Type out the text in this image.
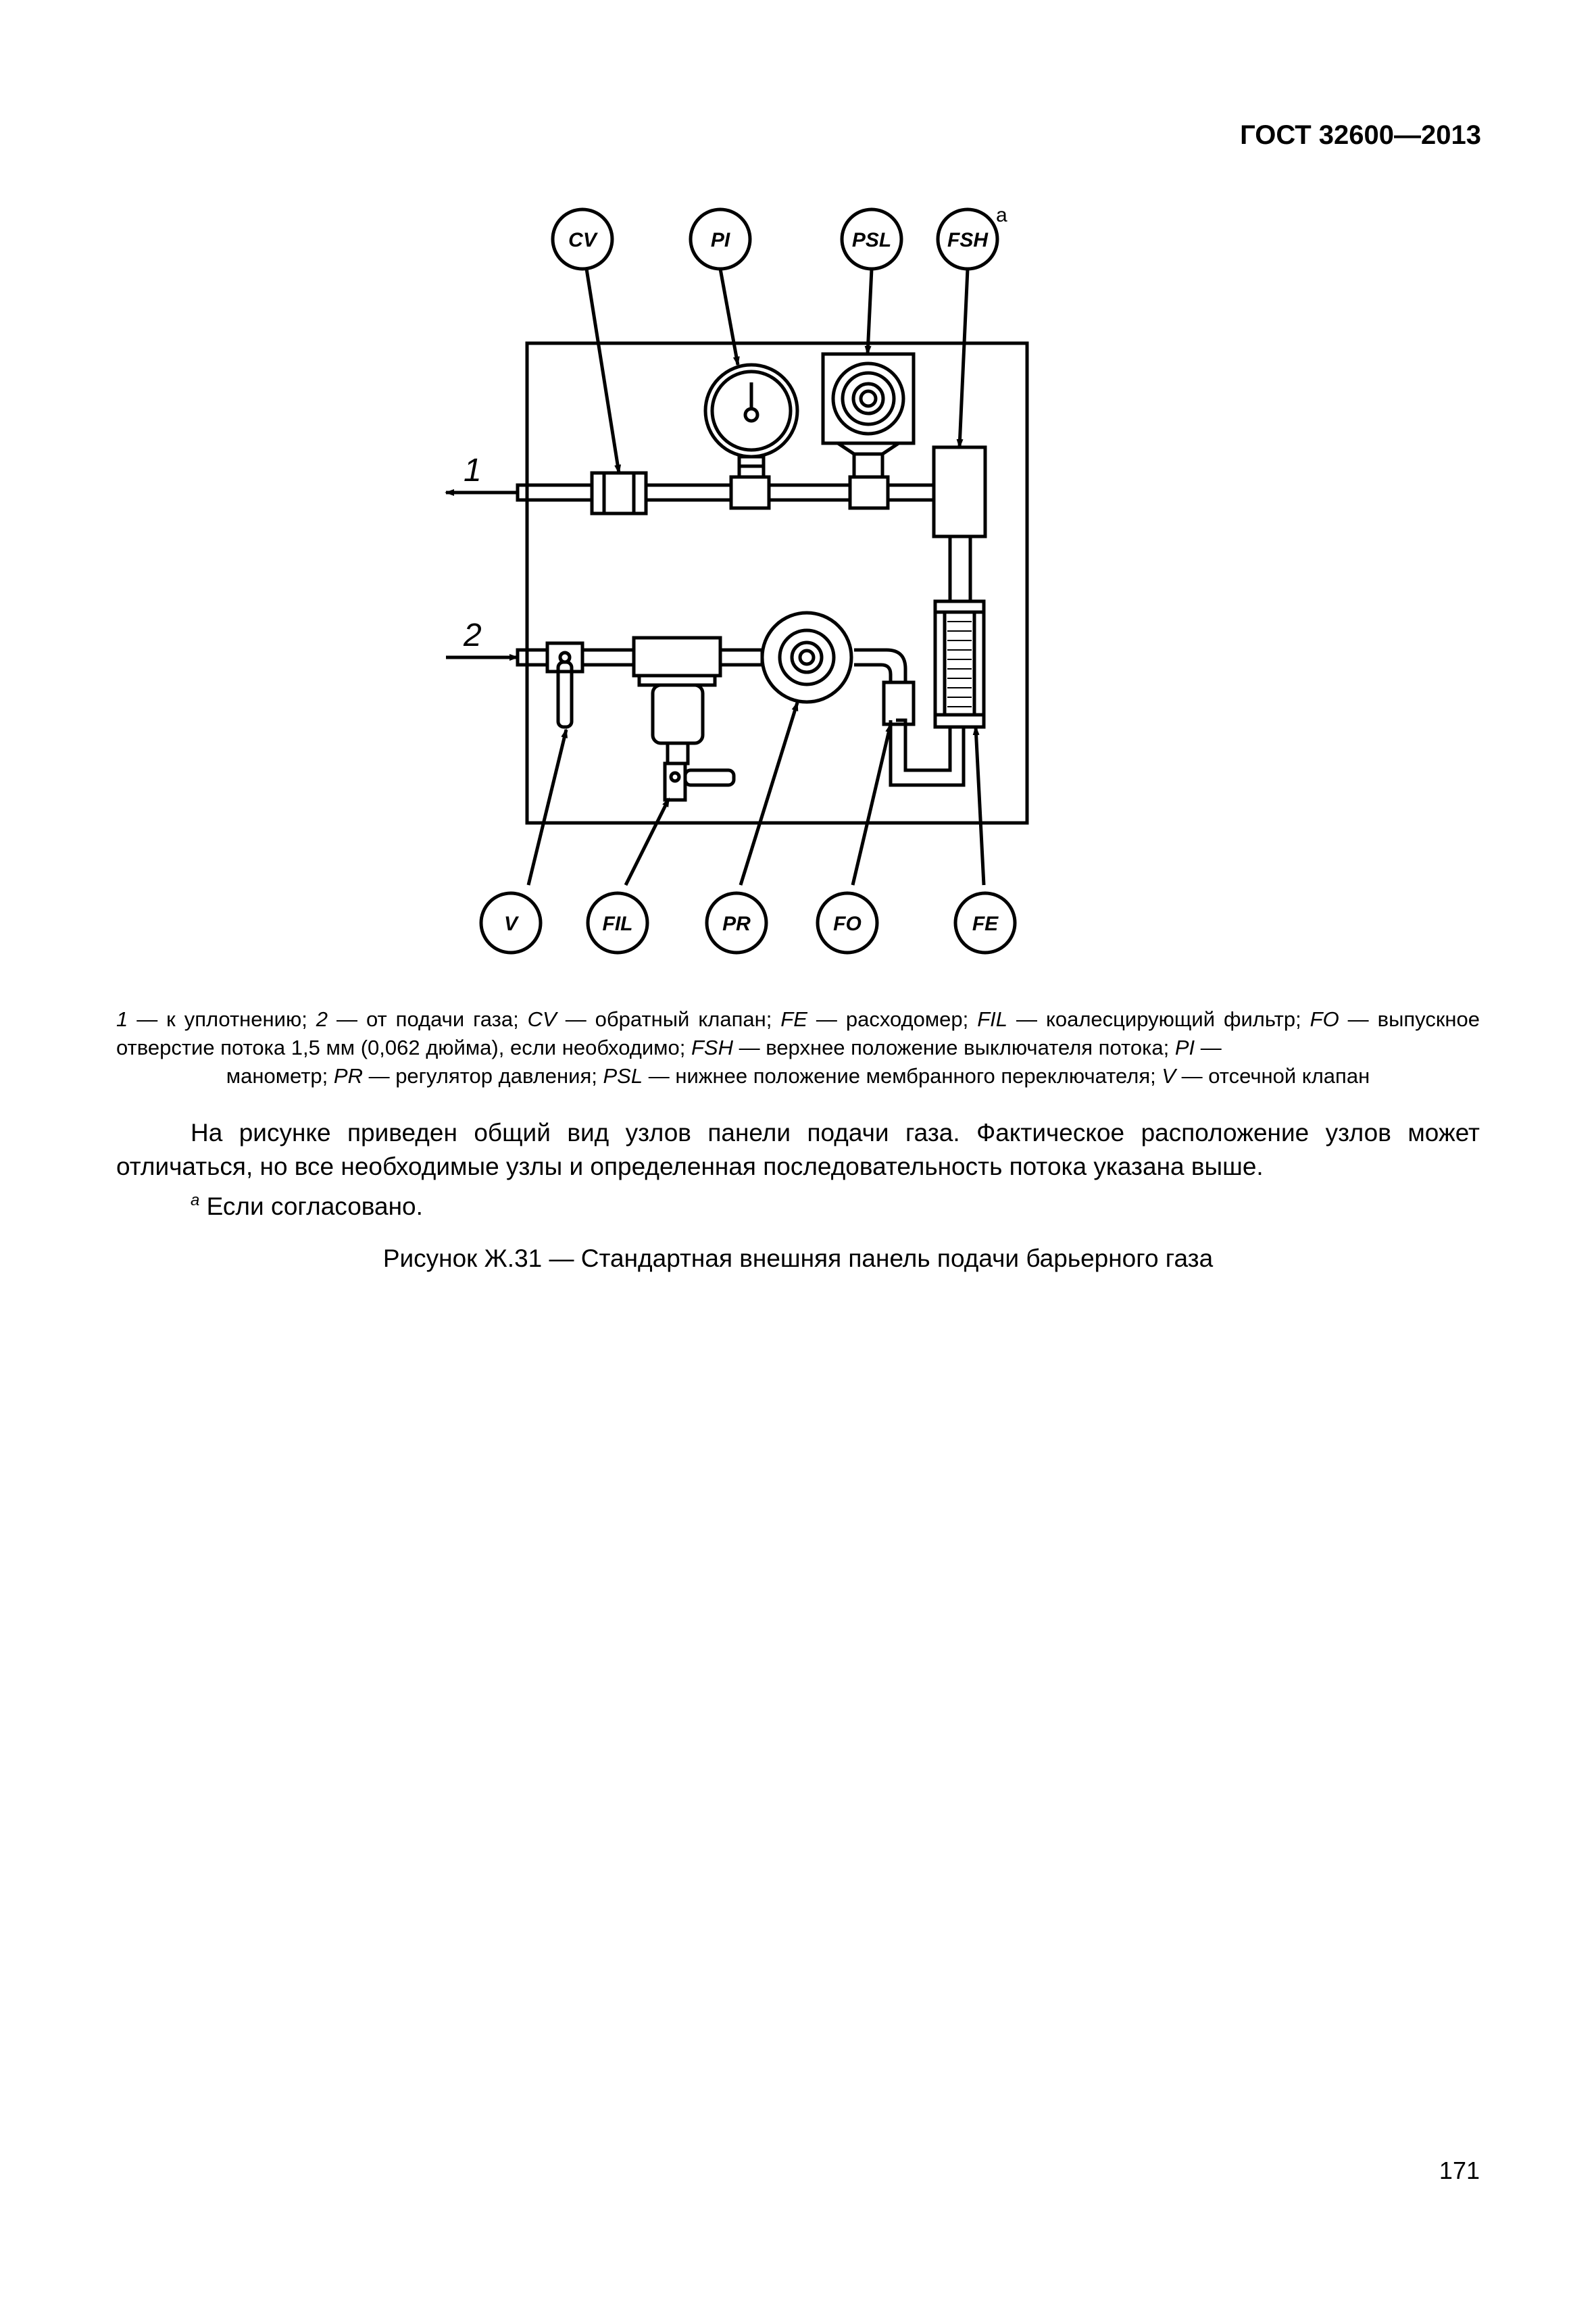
ГОСТ 32600—2013
CV	PI	PSL	FSH
V	FIL	PR	FO	FE
a
1
2
1 — к уплотнению; 2 — от подачи газа; CV — обратный клапан; FE — расходомер; FIL — коалесцирующий фильтр; FO — выпускное отверстие потока 1,5 мм (0,062 дюйма), если необходимо; FSH — верхнее положение выключателя потока; PI —
манометр; PR — регулятор давления; PSL — нижнее положение мембранного переключателя; V — отсечной клапан
На рисунке приведен общий вид узлов панели подачи газа. Фактическое расположение узлов может отличаться, но все необходимые узлы и определенная последовательность потока указана выше.
$^a$ Если согласовано.
Рисунок Ж.31 — Стандартная внешняя панель подачи барьерного газа
171
